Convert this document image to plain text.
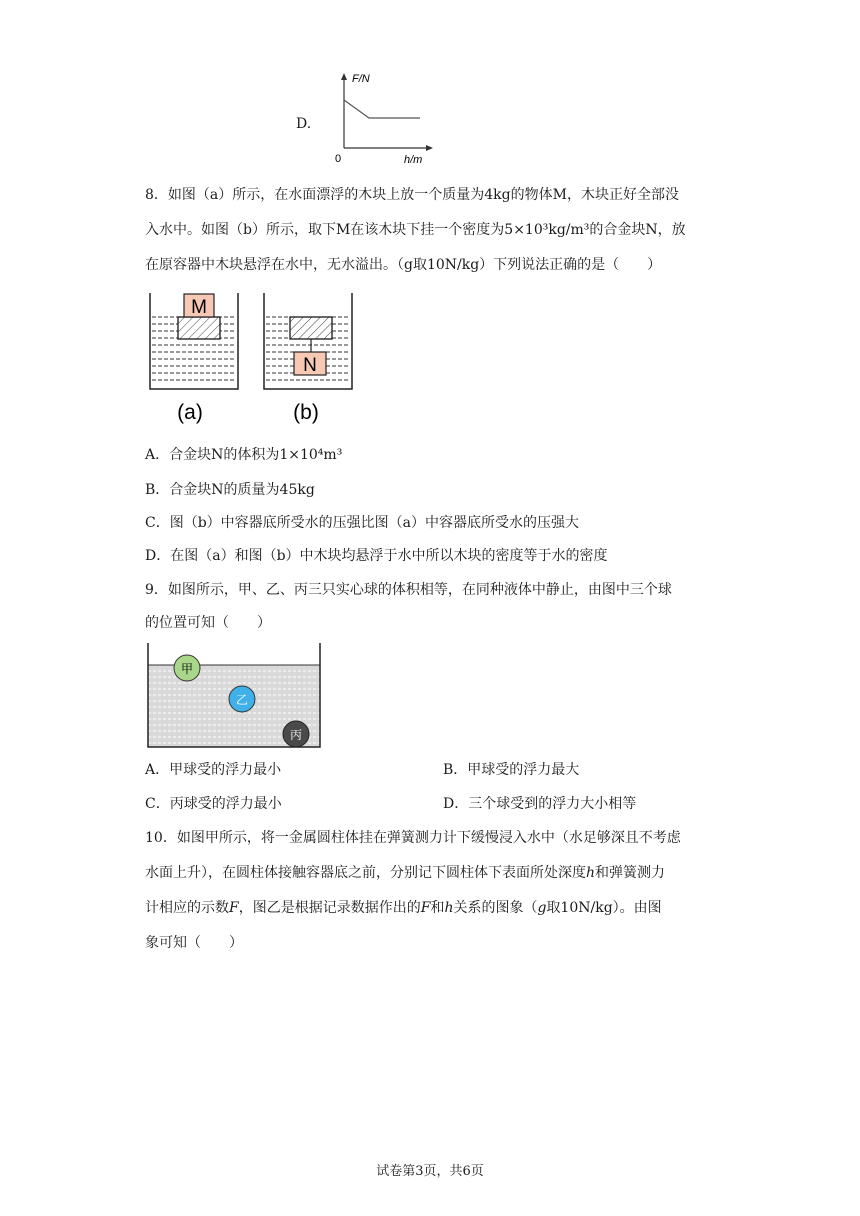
D.
F/N
0	h/m
8．如图（a）所示，在水面漂浮的木块上放一个质量为4kg的物体M，木块正好全部没
入水中。如图（b）所示，取下M在该木块下挂一个密度为5×10³kg/m³的合金块N，放
在原容器中木块悬浮在水中，无水溢出。（g取10N/kg）下列说法正确的是（　　）
M
N
(a)	(b)
A．合金块N的体积为1×10⁴m³
B．合金块N的质量为45kg
C．图（b）中容器底所受水的压强比图（a）中容器底所受水的压强大
D．在图（a）和图（b）中木块均悬浮于水中所以木块的密度等于水的密度
9．如图所示，甲、乙、丙三只实心球的体积相等，在同种液体中静止，由图中三个球
的位置可知（　　）
甲
乙
丙
A．甲球受的浮力最小	B．甲球受的浮力最大
C．丙球受的浮力最小	D．三个球受到的浮力大小相等
10．如图甲所示，将一金属圆柱体挂在弹簧测力计下缓慢浸入水中（水足够深且不考虑
水面上升），在圆柱体接触容器底之前，分别记下圆柱体下表面所处深度h和弹簧测力
计相应的示数F，图乙是根据记录数据作出的F和h关系的图象（g取10N/kg）。由图
象可知（　　）
试卷第3页，共6页
